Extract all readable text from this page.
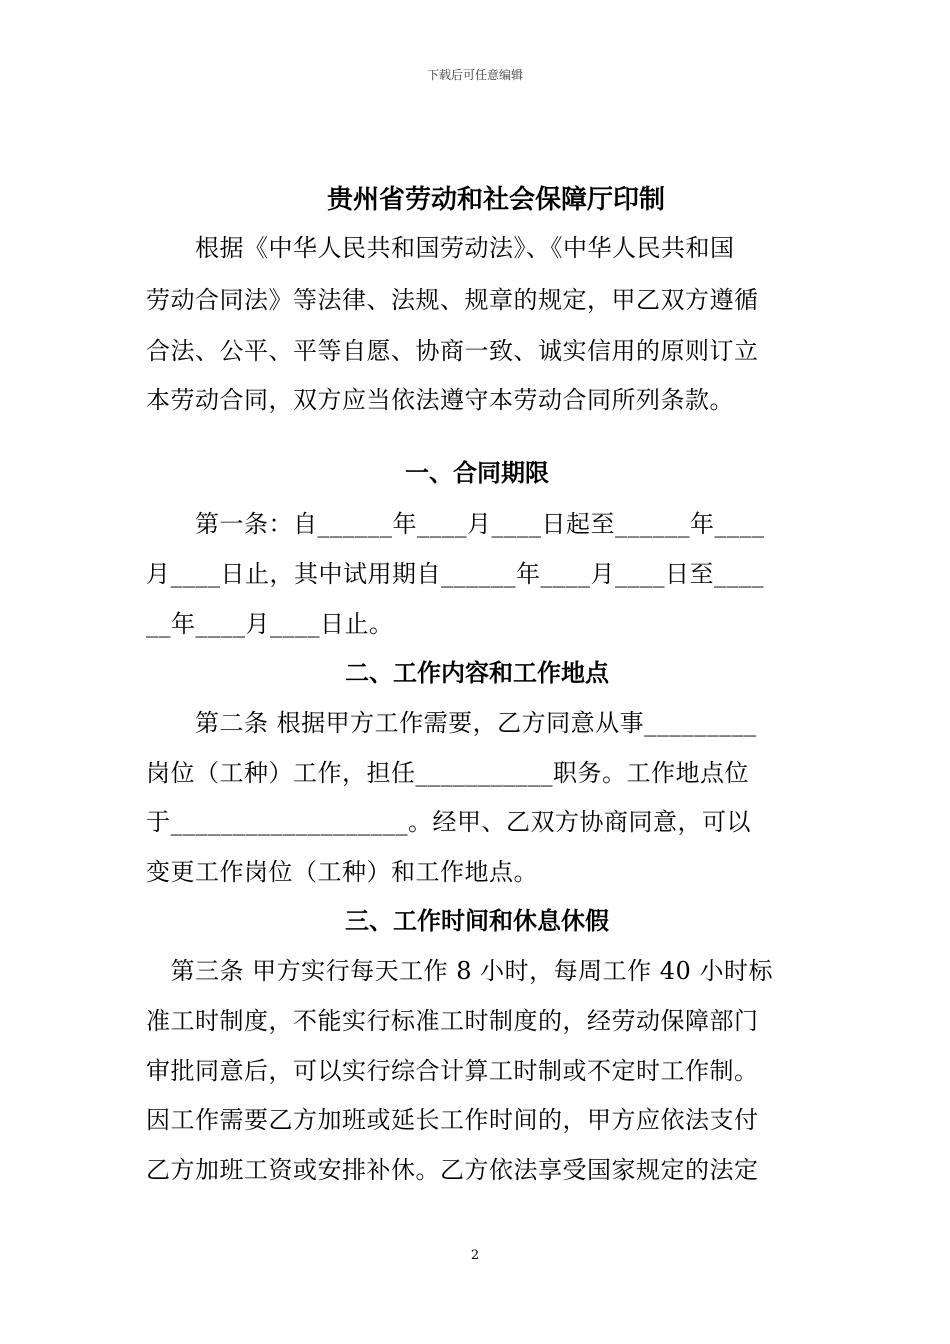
下载后可任意编辑
贵州省劳动和社会保障厅印制
　　根据《中华人民共和国劳动法》、《中华人民共和国
劳动合同法》等法律、法规、规章的规定，甲乙双方遵循
合法、公平、平等自愿、协商一致、诚实信用的原则订立
本劳动合同，双方应当依法遵守本劳动合同所列条款。
一、合同期限
　　第一条：自______年____月____日起至______年____
月____日止，其中试用期自______年____月____日至____
__年____月____日止。
二、工作内容和工作地点
　　第二条 根据甲方工作需要，乙方同意从事_________
岗位（工种）工作，担任___________职务。工作地点位
于___________________。经甲、乙双方协商同意，可以
变更工作岗位（工种）和工作地点。
三、工作时间和休息休假
　第三条 甲方实行每天工作 8 小时，每周工作 40 小时标
准工时制度，不能实行标准工时制度的，经劳动保障部门
审批同意后，可以实行综合计算工时制或不定时工作制。
因工作需要乙方加班或延长工作时间的，甲方应依法支付
乙方加班工资或安排补休。乙方依法享受国家规定的法定
2
